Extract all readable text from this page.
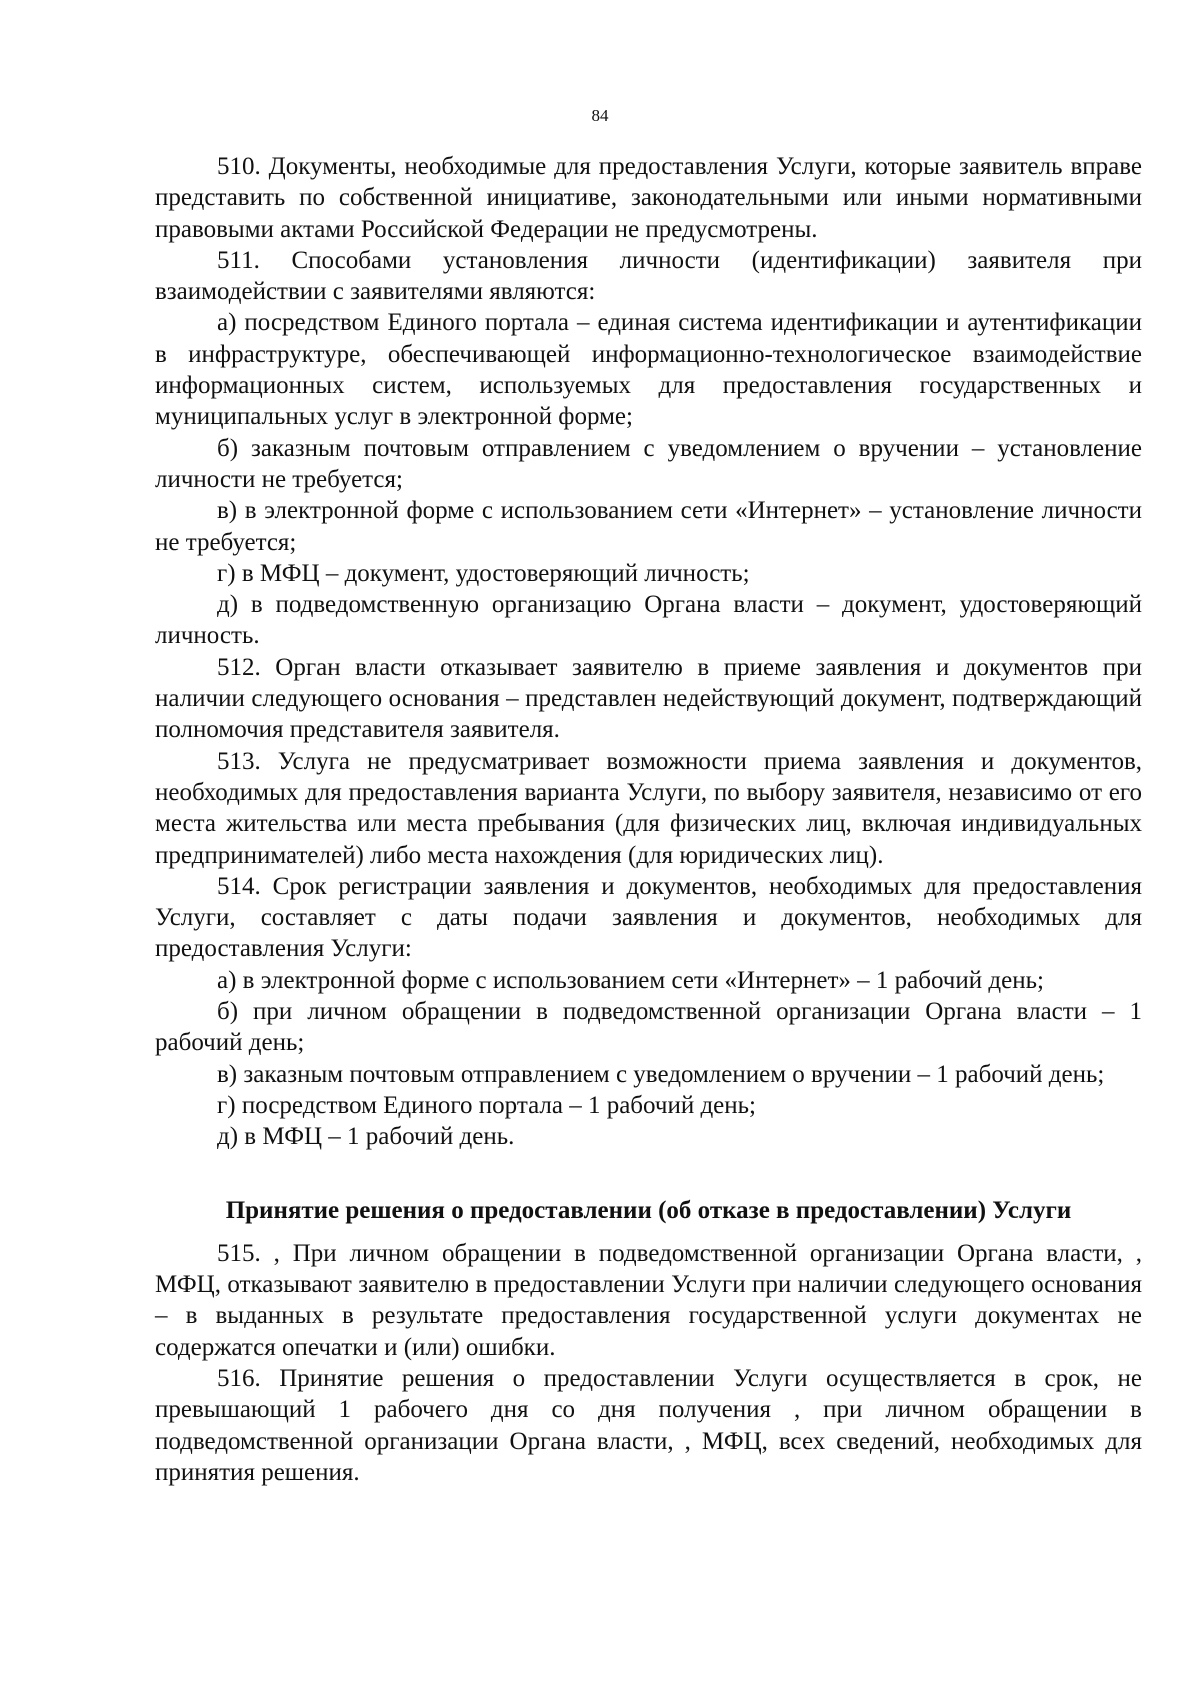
84

510. Документы, необходимые для предоставления Услуги, которые заявитель вправе представить по собственной инициативе, законодательными или иными нормативными правовыми актами Российской Федерации не предусмотрены.

511. Способами установления личности (идентификации) заявителя при взаимодействии с заявителями являются:

а) посредством Единого портала – единая система идентификации и аутентификации в инфраструктуре, обеспечивающей информационно-технологическое взаимодействие информационных систем, используемых для предоставления государственных и муниципальных услуг в электронной форме;

б) заказным почтовым отправлением с уведомлением о вручении – установление личности не требуется;

в) в электронной форме с использованием сети «Интернет» – установление личности не требуется;

г) в МФЦ – документ, удостоверяющий личность;

д) в подведомственную организацию Органа власти – документ, удостоверяющий личность.

512. Орган власти отказывает заявителю в приеме заявления и документов при наличии следующего основания – представлен недействующий документ, подтверждающий полномочия представителя заявителя.

513. Услуга не предусматривает возможности приема заявления и документов, необходимых для предоставления варианта Услуги, по выбору заявителя, независимо от его места жительства или места пребывания (для физических лиц, включая индивидуальных предпринимателей) либо места нахождения (для юридических лиц).

514. Срок регистрации заявления и документов, необходимых для предоставления Услуги, составляет с даты подачи заявления и документов, необходимых для предоставления Услуги:

а) в электронной форме с использованием сети «Интернет» – 1 рабочий день;

б) при личном обращении в подведомственной организации Органа власти – 1 рабочий день;

в) заказным почтовым отправлением с уведомлением о вручении – 1 рабочий день;

г) посредством Единого портала – 1 рабочий день;

д) в МФЦ – 1 рабочий день.

Принятие решения о предоставлении (об отказе в предоставлении) Услуги

515. , При личном обращении в подведомственной организации Органа власти, , МФЦ, отказывают заявителю в предоставлении Услуги при наличии следующего основания – в выданных в результате предоставления государственной услуги документах не содержатся опечатки и (или) ошибки.

516. Принятие решения о предоставлении Услуги осуществляется в срок, не превышающий 1 рабочего дня со дня получения , при личном обращении в подведомственной организации Органа власти, , МФЦ, всех сведений, необходимых для принятия решения.
